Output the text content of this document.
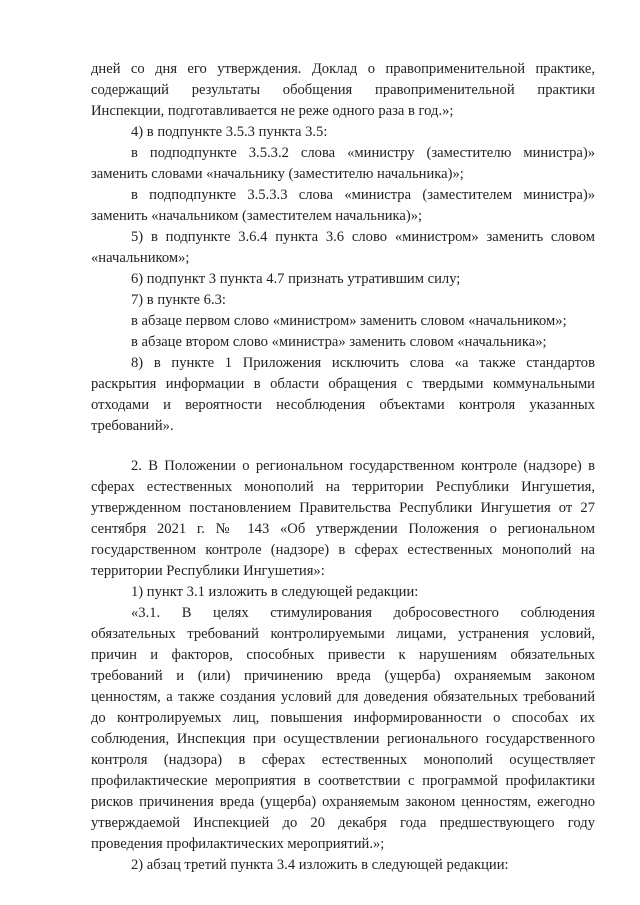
дней со дня его утверждения. Доклад о правоприменительной практике,
содержащий результаты обобщения правоприменительной практики
Инспекции, подготавливается не реже одного раза в год.»;
4) в подпункте 3.5.3 пункта 3.5:
в подподпункте 3.5.3.2 слова «министру (заместителю министра)»
заменить словами «начальнику (заместителю начальника)»;
в подподпункте 3.5.3.3 слова «министра (заместителем министра)»
заменить «начальником (заместителем начальника)»;
5) в подпункте 3.6.4 пункта 3.6 слово «министром» заменить словом
«начальником»;
6) подпункт 3 пункта 4.7 признать утратившим силу;
7) в пункте 6.3:
в абзаце первом слово «министром» заменить словом «начальником»;
в абзаце втором слово «министра» заменить словом «начальника»;
8) в пункте 1 Приложения исключить слова «а также стандартов
раскрытия информации в области обращения с твердыми коммунальными
отходами и вероятности несоблюдения объектами контроля указанных
требований».
2. В Положении о региональном государственном контроле (надзоре) в
сферах естественных монополий на территории Республики Ингушетия,
утвержденном постановлением Правительства Республики Ингушетия от 27
сентября 2021 г. № 143 «Об утверждении Положения о региональном
государственном контроле (надзоре) в сферах естественных монополий на
территории Республики Ингушетия»:
1) пункт 3.1 изложить в следующей редакции:
«3.1. В целях стимулирования добросовестного соблюдения
обязательных требований контролируемыми лицами, устранения условий,
причин и факторов, способных привести к нарушениям обязательных
требований и (или) причинению вреда (ущерба) охраняемым законом
ценностям, а также создания условий для доведения обязательных требований
до контролируемых лиц, повышения информированности о способах их
соблюдения, Инспекция при осуществлении регионального государственного
контроля (надзора) в сферах естественных монополий осуществляет
профилактические мероприятия в соответствии с программой профилактики
рисков причинения вреда (ущерба) охраняемым законом ценностям, ежегодно
утверждаемой Инспекцией до 20 декабря года предшествующего году
проведения профилактических мероприятий.»;
2) абзац третий пункта 3.4 изложить в следующей редакции:
